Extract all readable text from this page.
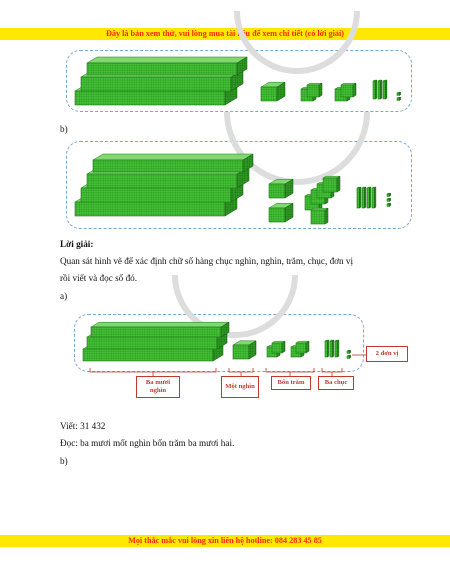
Đây là bản xem thử, vui lòng mua tài liệu để xem chi tiết (có lời giải)
b)
Lời giải:
Quan sát hình vẽ để xác định chữ số hàng chục nghìn, nghìn, trăm, chục, đơn vị
rồi viết và đọc số đó.
a)
Ba mươi nghìn
Một nghìn
Bốn trăm	Ba chục
2 đơn vị
Viết: 31 432
Đọc: ba mươi mốt nghìn bốn trăm ba mươi hai.
b)
Mọi thắc mắc vui lòng xin liên hệ hotline: 084 283 45 85
